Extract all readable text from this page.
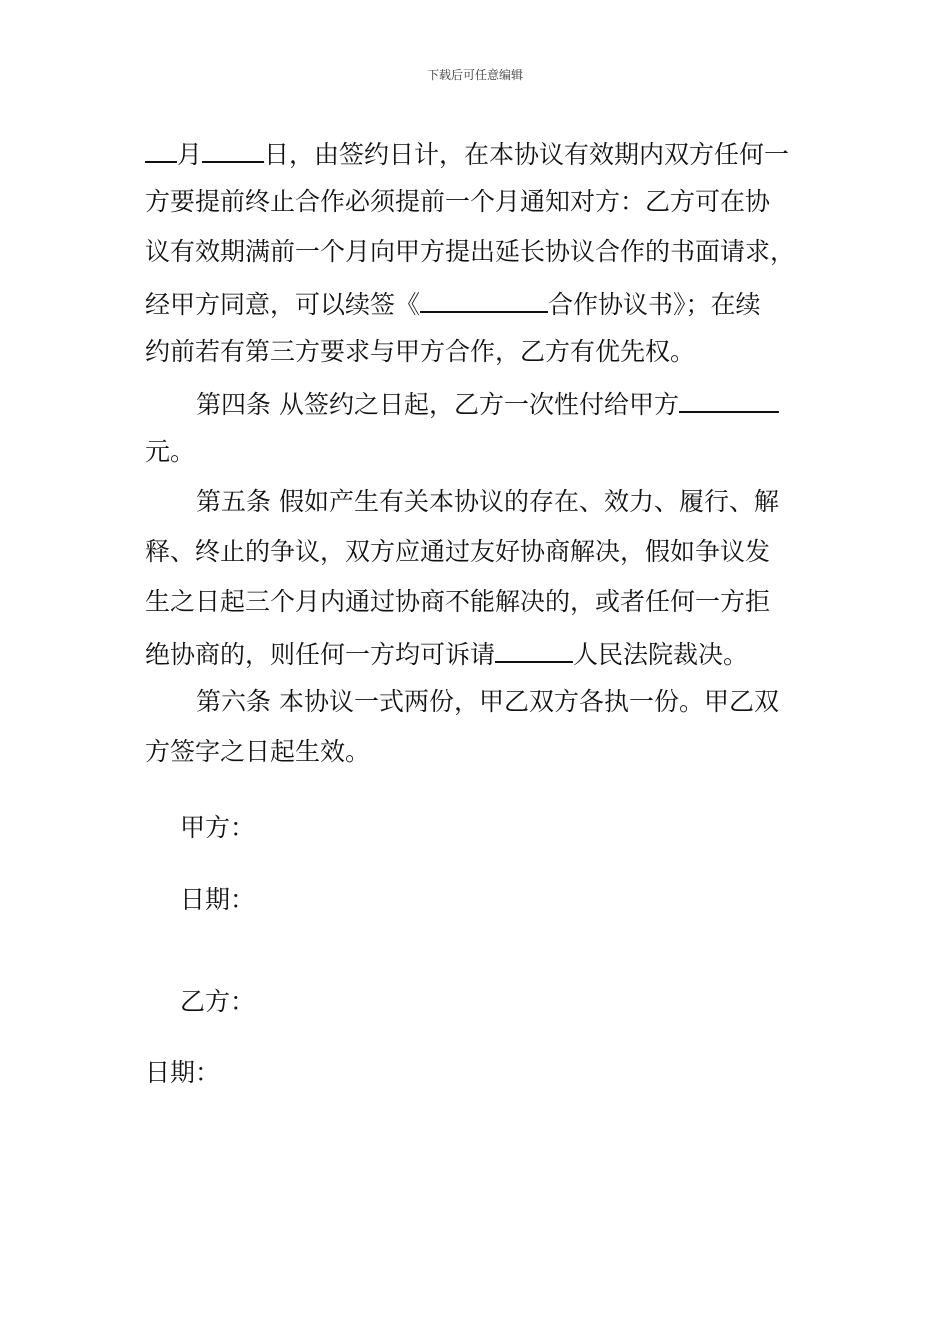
下载后可任意编辑
月 日，由签约日计，在本协议有效期内双方任何一
方要提前终止合作必须提前一个月通知对方：乙方可在协
议有效期满前一个月向甲方提出延长协议合作的书面请求，
经甲方同意，可以续签《	合作协议书》；在续
约前若有第三方要求与甲方合作，乙方有优先权。
第四条 从签约之日起，乙方一次性付给甲方
元。
第五条 假如产生有关本协议的存在、效力、履行、解
释、终止的争议，双方应通过友好协商解决，假如争议发
生之日起三个月内通过协商不能解决的，或者任何一方拒
绝协商的，则任何一方均可诉请	人民法院裁决。
第六条 本协议一式两份，甲乙双方各执一份。甲乙双
方签字之日起生效。
甲方：
日期：
乙方：
日期：
